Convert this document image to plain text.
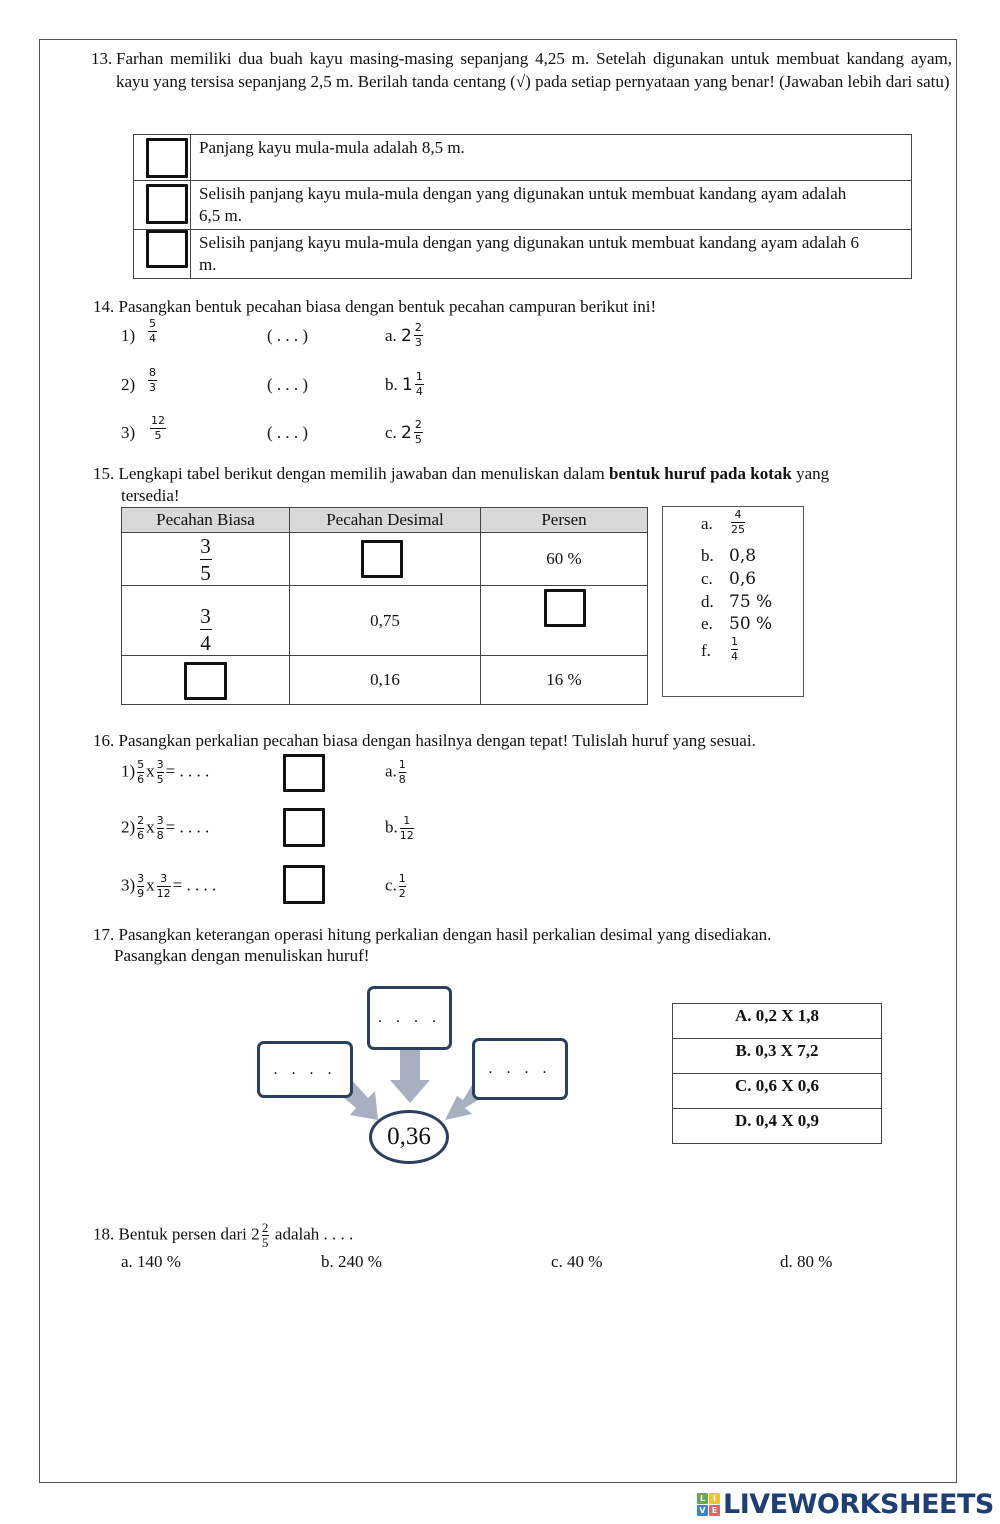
13. Farhan memiliki dua buah kayu masing-masing sepanjang 4,25 m. Setelah digunakan untuk membuat kandang ayam, kayu yang tersisa sepanjang 2,5 m. Berilah tanda centang (√) pada setiap pernyataan yang benar! (Jawaban lebih dari satu)
	Panjang kayu mula-mula adalah 8,5 m.

	Selisih panjang kayu mula-mula dengan yang digunakan untuk membuat kandang ayam adalah 6,5 m.

	Selisih panjang kayu mula-mula dengan yang digunakan untuk membuat kandang ayam adalah 6 m.
14. Pasangkan bentuk pecahan biasa dengan bentuk pecahan campuran berikut ini!
$1) \frac{5}{4}$	( . . . )	a. $2 \frac{2}{3}$
$2) \frac{8}{3}$	( . . . )	b. $1 \frac{1}{4}$
$3) \frac{12}{5}$	( . . . )	c. $2 \frac{2}{5}$
15. Lengkapi tabel berikut dengan memilih jawaban dan menuliskan dalam bentuk huruf pada kotak yang
tersedia!
Pecahan Biasa	Pecahan Desimal	Persen

$\frac{3}{5}$		60 %

$\frac{3}{4}$	0,75	

	0,16	16 %
a. $\frac{4}{25}$
b. 0,8
c. 0,6
d. 75 %
e. 50 %
f. $\frac{1}{4}$
16. Pasangkan perkalian pecahan biasa dengan hasilnya dengan tepat! Tulislah huruf yang sesuai.
$1) \frac{5}{6}$ x $\frac{3}{5}$ = . . . .	a. $\frac{1}{8}$
$2) \frac{2}{6}$ x $\frac{3}{8}$ = . . . .	b. $\frac{1}{12}$
$3) \frac{3}{9}$ x $\frac{3}{12}$ = . . . .	c. $\frac{1}{2}$
17. Pasangkan keterangan operasi hitung perkalian dengan hasil perkalian desimal yang disediakan.
Pasangkan dengan menuliskan huruf!
. . . .
. . . .	. . . .
0,36
A. 0,2 X 1,8
B. 0,3 X 7,2
C. 0,6 X 0,6
D. 0,4 X 0,9
18. Bentuk persen dari $2 \frac{2}{5}$ adalah . . . .
a. 140 %	b. 240 %	c. 40 %	d. 80 %
L I
V E LIVEWORKSHEETS
